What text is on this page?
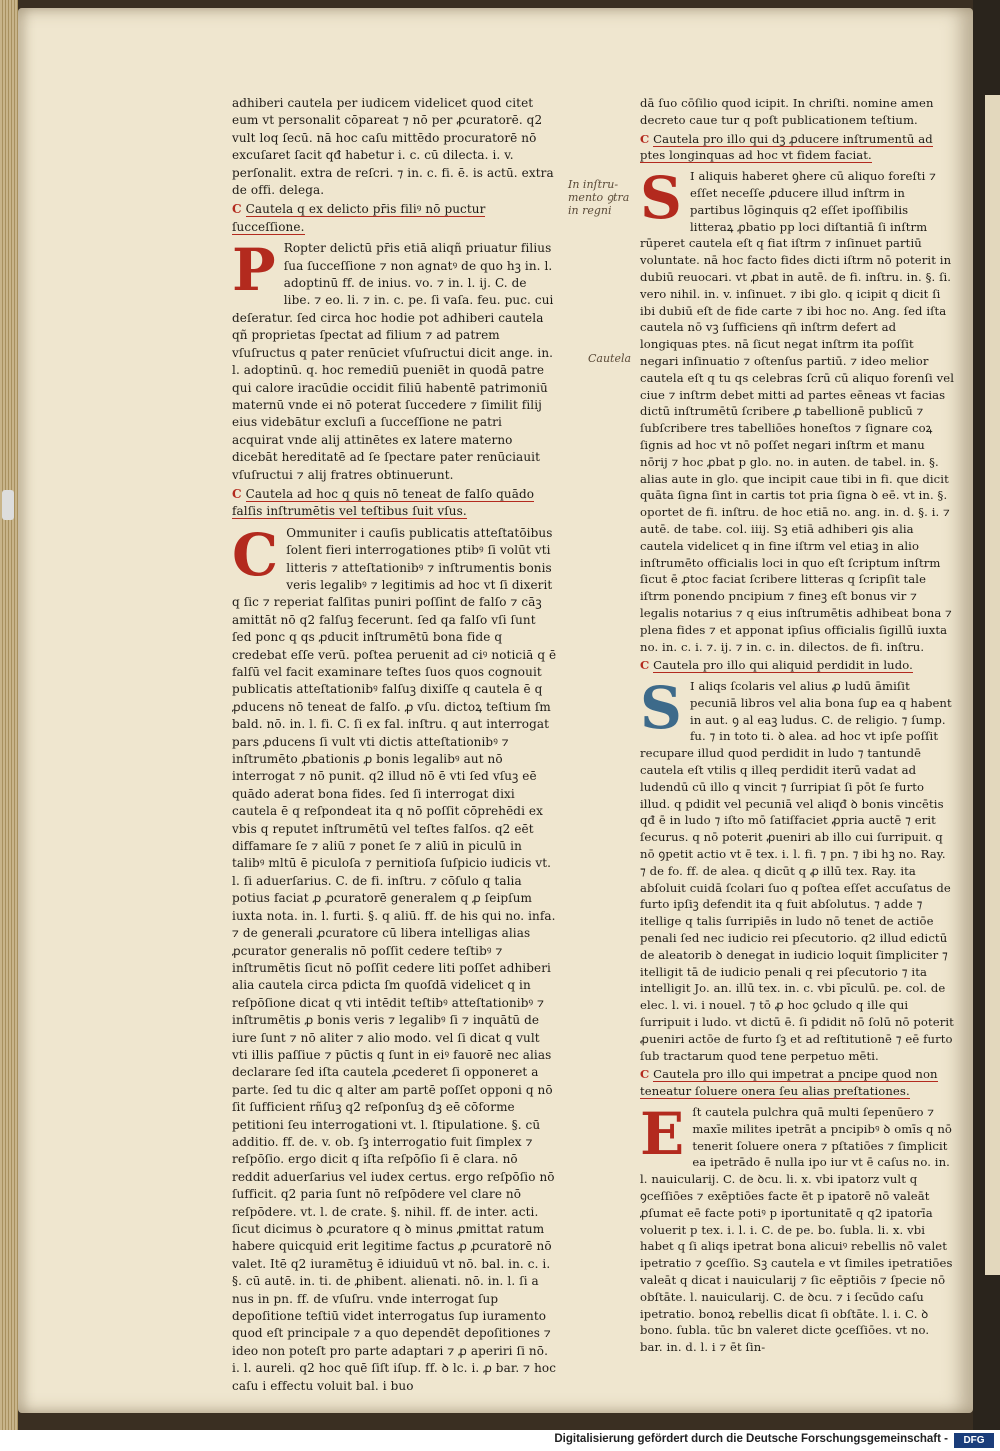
adhiberi cautela per iudicem videlicet quod citet eum vt personalit cōpareat ⁊ nō per ꝓcuratorē. q2 vult loq ſecū. nā hoc caſu mittēdo procuratorē nō excuſaret ſacit qđ habetur i. c. cū dilecta. i. v. perſonalit. extra de reſcri. ⁊ in. c. fi. ē. is actū. extra de offi. delega.

C Cautela q ex delicto pr̄is filiꝰ nō puctur ſucceſſione.

P Ropter delictū pr̄is etiā aliqñ priuatur filius ſua ſucceſſione ⁊ non agnatꝰ de quo hꝫ in. l. adoptinū ff. de inius. vo. ⁊ in. l. ij. C. de libe. ⁊ eo. li. ⁊ in. c. pe. ſi vaſa. feu. puc. cui deſeratur. ſed circa hoc hodie pot adhiberi cautela qñ proprietas ſpectat ad filium ⁊ ad patrem vſuſructus q pater renūciet vſuſructui dicit ange. in. l. adoptinū. q. hoc remediū pueniēt in quodā patre qui calore iracūdie occidit filiū habentē patrimoniū maternū vnde ei nō poterat ſuccedere ⁊ ſimilit filij eius videbātur excluſi a ſucceſſione ne patri acquirat vnde alij attinētes ex latere materno dicebāt hereditatē ad ſe ſpectare pater renūciauit vſuſructui ⁊ alij fratres obtinuerunt.

C Cautela ad hoc q quis nō teneat de falſo quādo falſis inſtrumētis vel teſtibus ſuit vſus.

C Ommuniter i cauſis publicatis atteſtatōibus ſolent fieri interrogationes ptibꝰ ſi volūt vti litteris ⁊ atteſtationibꝰ ⁊ inſtrumentis bonis veris legalibꝰ ⁊ legitimis ad hoc vt ſi dixerit q ſic ⁊ reperiat falſitas puniri poſſint de falſo ⁊ cāꝫ amittāt nō q2 falſuꝫ fecerunt. ſed qa falſo vſi ſunt ſed ponc q qs ꝓducit inſtrumētū bona fide q credebat eſſe verū. poſtea peruenit ad ciꝰ noticiā q ē falſū vel facit examinare teſtes ſuos quos cognouit publicatis atteſtationibꝰ falſuꝫ dixiſſe q cautela ē q ꝓducens nō teneat de falſo. ꝓ vſu. dictoꝝ teſtium ſm bald. nō. in. l. fi. C. ſi ex fal. inſtru. q aut interrogat pars ꝓducens ſi vult vti dictis atteſtationibꝰ ⁊ inſtrumēto ꝓbationis ꝓ bonis legalibꝰ aut nō interrogat ⁊ nō punit. q2 illud nō ē vti ſed vſuꝫ eē quādo aderat bona fides. ſed ſi interrogat dixi cautela ē q reſpondeat ita q nō poſſit cōprehēdi ex vbis q reputet inſtrumētū vel teſtes falſos. q2 eēt diffamare ſe ⁊ aliū ⁊ ponet ſe ⁊ aliū in piculū in talibꝰ mltū ē piculoſa ⁊ pernitioſa ſuſpicio iudicis vt. l. ſi aduerſarius. C. de fi. inſtru. ⁊ cōſulo q talia potius faciat ꝓ ꝓcuratorē generalem q ꝓ ſeipſum iuxta nota. in. l. furti. §. q aliū. ff. de his qui no. infa. ⁊ de generali ꝓcuratore cū libera intelligas alias ꝓcurator generalis nō poſſit cedere teſtibꝰ ⁊ inſtrumētis ſicut nō poſſit cedere liti poſſet adhiberi alia cautela circa pdicta ſm quoſdā videlicet q in reſpōſione dicat q vti intēdit teſtibꝰ atteſtationibꝰ ⁊ inſtrumētis ꝓ bonis veris ⁊ legalibꝰ ſi ⁊ inquātū de iure ſunt ⁊ nō aliter ⁊ alio modo. vel ſi dicat q vult vti illis paſſiue ⁊ pūctis q ſunt in eiꝰ fauorē nec alias declarare ſed iſta cautela ꝓcederet ſi opponeret a parte. ſed tu dic q alter am partē poſſet opponi q nō ſit ſufficient rñſuꝫ q2 reſponſuꝫ dꝫ eē cōforme petitioni ſeu interrogationi vt. l. ſtipulatione. §. cū additio. ff. de. v. ob. ſꝫ interrogatio fuit ſimplex ⁊ reſpōſio. ergo dicit q iſta reſpōſio ſi ē clara. nō reddit aduerſarius vel iudex certus. ergo reſpōſio nō ſufficit. q2 paria ſunt nō reſpōdere vel clare nō reſpōdere. vt. l. de crate. §. nihil. ff. de inter. acti. ſicut dicimus ꝺ ꝓcuratore q ꝺ minus ꝓmittat ratum habere quicquid erit legitime factus ꝓ ꝓcuratorē nō valet. Itē q2 iuramētuꝫ ē idiuiduū vt nō. bal. in. c. i. §. cū autē. in. ti. de ꝓhibent. alienati. nō. in. l. ſi a nus in pn. ff. de vſuſru. vnde interrogat ſup depoſitione teſtiū videt interrogatus ſup iuramento quod eſt principale ⁊ a quo dependēt depoſitiones ⁊ ideo non poteſt pro parte adaptari ⁊ ꝓ aperiri ſi nō. i. l. aureli. q2 hoc quē ſiſt iſup. ff. ꝺ lc. i. ꝓ bar. ⁊ hoc caſu i effectu voluit bal. i buo

In inſtru- mento ꝯtra in regni
Cautela

dā ſuo cōſilio quod icipit. In chriſti. nomine amen decreto caue tur q poſt publicationem teſtium.

C Cautela pro illo qui dꝫ ꝓducere inſtrumentū ad ptes longinquas ad hoc vt fidem faciat.

S I aliquis haberet ꝯhere cū aliquo foreſti ⁊ eſſet neceſſe ꝓducere illud inſtrm in partibus lōginquis q2 eſſet ipoſſibilis litteraꝝ ꝓbatio pp loci diſtantiā ſi inſtrm rūperet cautela eſt q fiat iſtrm ⁊ inſinuet partiū voluntate. nā hoc facto fides dicti iſtrm nō poterit in dubiū reuocari. vt ꝓbat in autē. de fi. inſtru. in. §. ſi. vero nihil. in. v. inſinuet. ⁊ ibi glo. q icipit q dicit ſi ibi dubiū eſt de fide carte ⁊ ibi hoc no. Ang. ſed iſta cautela nō vꝫ ſufficiens qñ inſtrm defert ad longiquas ptes. nā ſicut negat inſtrm ita poſſit negari inſinuatio ⁊ oſtenſus partiū. ⁊ ideo melior cautela eſt q tu qs celebras ſcrū cū aliquo forenſi vel ciue ⁊ inſtrm debet mitti ad partes eēneas vt facias dictū inſtrumētū ſcribere ꝓ tabellionē publicū ⁊ ſubſcribere tres tabelliōes honeſtos ⁊ ſignare coꝝ ſignis ad hoc vt nō poſſet negari inſtrm et manu nōrij ⁊ hoc ꝓbat p glo. no. in auten. de tabel. in. §. alias aute in glo. que incipit caue tibi in fi. que dicit quāta ſigna ſint in cartis tot pria ſigna ꝺ eē. vt in. §. oportet de fi. inſtru. de hoc etiā no. ang. in. d. §. i. ⁊ autē. de tabe. col. iiij. Sꝫ etiā adhiberi ꝯis alia cautela videlicet q in fine iſtrm vel etiaꝫ in alio inſtrumēto officialis loci in quo eſt ſcriptum inſtrm ſicut ē ꝓtoc faciat ſcribere litteras q ſcripſit tale iſtrm ponendo pncipium ⁊ fineꝫ eſt bonus vir ⁊ legalis notarius ⁊ q eius inſtrumētis adhibeat bona ⁊ plena fides ⁊ et apponat ipſius officialis ſigillū iuxta no. in. c. i. ⁊. ij. ⁊ in. c. in. dilectos. de fi. inſtru.

C Cautela pro illo qui aliquid perdidit in ludo.

S I aliqs ſcolaris vel alius ꝓ ludū āmiſit pecuniā libros vel alia bona ſuꝑ ea q habent in aut. ꝯ al eaꝫ ludus. C. de religio. ⁊ ſump. fu. ⁊ in toto ti. ꝺ alea. ad hoc vt ipſe poſſit recupare illud quod perdidit in ludo ⁊ tantundē cautela eſt vtilis q illeq perdidit iterū vadat ad ludendū cū illo q vincit ⁊ ſurripiat ſi pōt ſe furto illud. q pdidit vel pecuniā vel aliqđ ꝺ bonis vincētis qđ ē in ludo ⁊ iſto mō ſatiſfaciet ꝓpria auctē ⁊ erit ſecurus. q nō poterit ꝓueniri ab illo cui ſurripuit. q nō ꝯpetit actio vt ē tex. i. l. fi. ⁊ pn. ⁊ ibi hꝫ no. Ray. ⁊ de fo. ff. de alea. q dicūt q ꝓ illū tex. Ray. ita abſoluit cuidā ſcolari ſuo q poſtea eſſet accuſatus de furto ipſiꝫ defendit ita q fuit abſolutus. ⁊ adde ⁊ itellige q talis ſurripiēs in ludo nō tenet de actiōe penali ſed nec iudicio rei pſecutorio. q2 illud edictū de aleatorib ꝺ denegat in iudicio loquit ſimpliciter ⁊ itelligit tā de iudicio penali q rei pſecutorio ⁊ ita intelligit Jo. an. illū tex. in. c. vbi pīculū. pe. col. de elec. l. vi. i nouel. ⁊ tō ꝓ hoc ꝯcludo q ille qui ſurripuit i ludo. vt dictū ē. ſi pdidit nō ſolū nō poterit ꝓueniri actōe de furto ſꝫ et ad reſtitutionē ⁊ eē furto ſub tractarum quod tene perpetuo mēti.

C Cautela pro illo qui impetrat a pncipe quod non teneatur ſoluere onera ſeu alias preſtationes.

E ſt cautela pulchra quā multi ſepenūero ⁊ maxīe milites ipetrāt a pncipibꝰ ꝺ omīs q nō tenerit ſoluere onera ⁊ pſtatiōes ⁊ ſimplicit ea ipetrādo ē nulla ipo iur vt ē caſus no. in. l. nauicularij. C. de ꝺcu. li. x. vbi ipatorz vult q ꝯceſſiōes ⁊ exēptiōes facte ēt p ipatorē nō valeāt ꝓſumat eē facte potiꝰ p iportunitatē q q2 ipatorīa voluerit p tex. i. l. i. C. de pe. bo. ſubla. li. x. vbi habet q ſi aliqs ipetrat bona alicuiꝰ rebellis nō valet ipetratio ⁊ ꝯceſſio. Sꝫ cautela e vt ſimiles ipetratiōes valeāt q dicat i nauicularij ⁊ ſic eēptiōis ⁊ ſpecie nō obſtāte. l. nauicularij. C. de ꝺcu. ⁊ i ſecūdo caſu ipetratio. bonoꝝ rebellis dicat ſi obſtāte. l. i. C. ꝺ bono. ſubla. tūc bn valeret dicte ꝯceſſiōes. vt no. bar. in. d. l. i ⁊ ēt ſin-

Digitalisierung gefördert durch die Deutsche Forschungsgemeinschaft -	DFG
